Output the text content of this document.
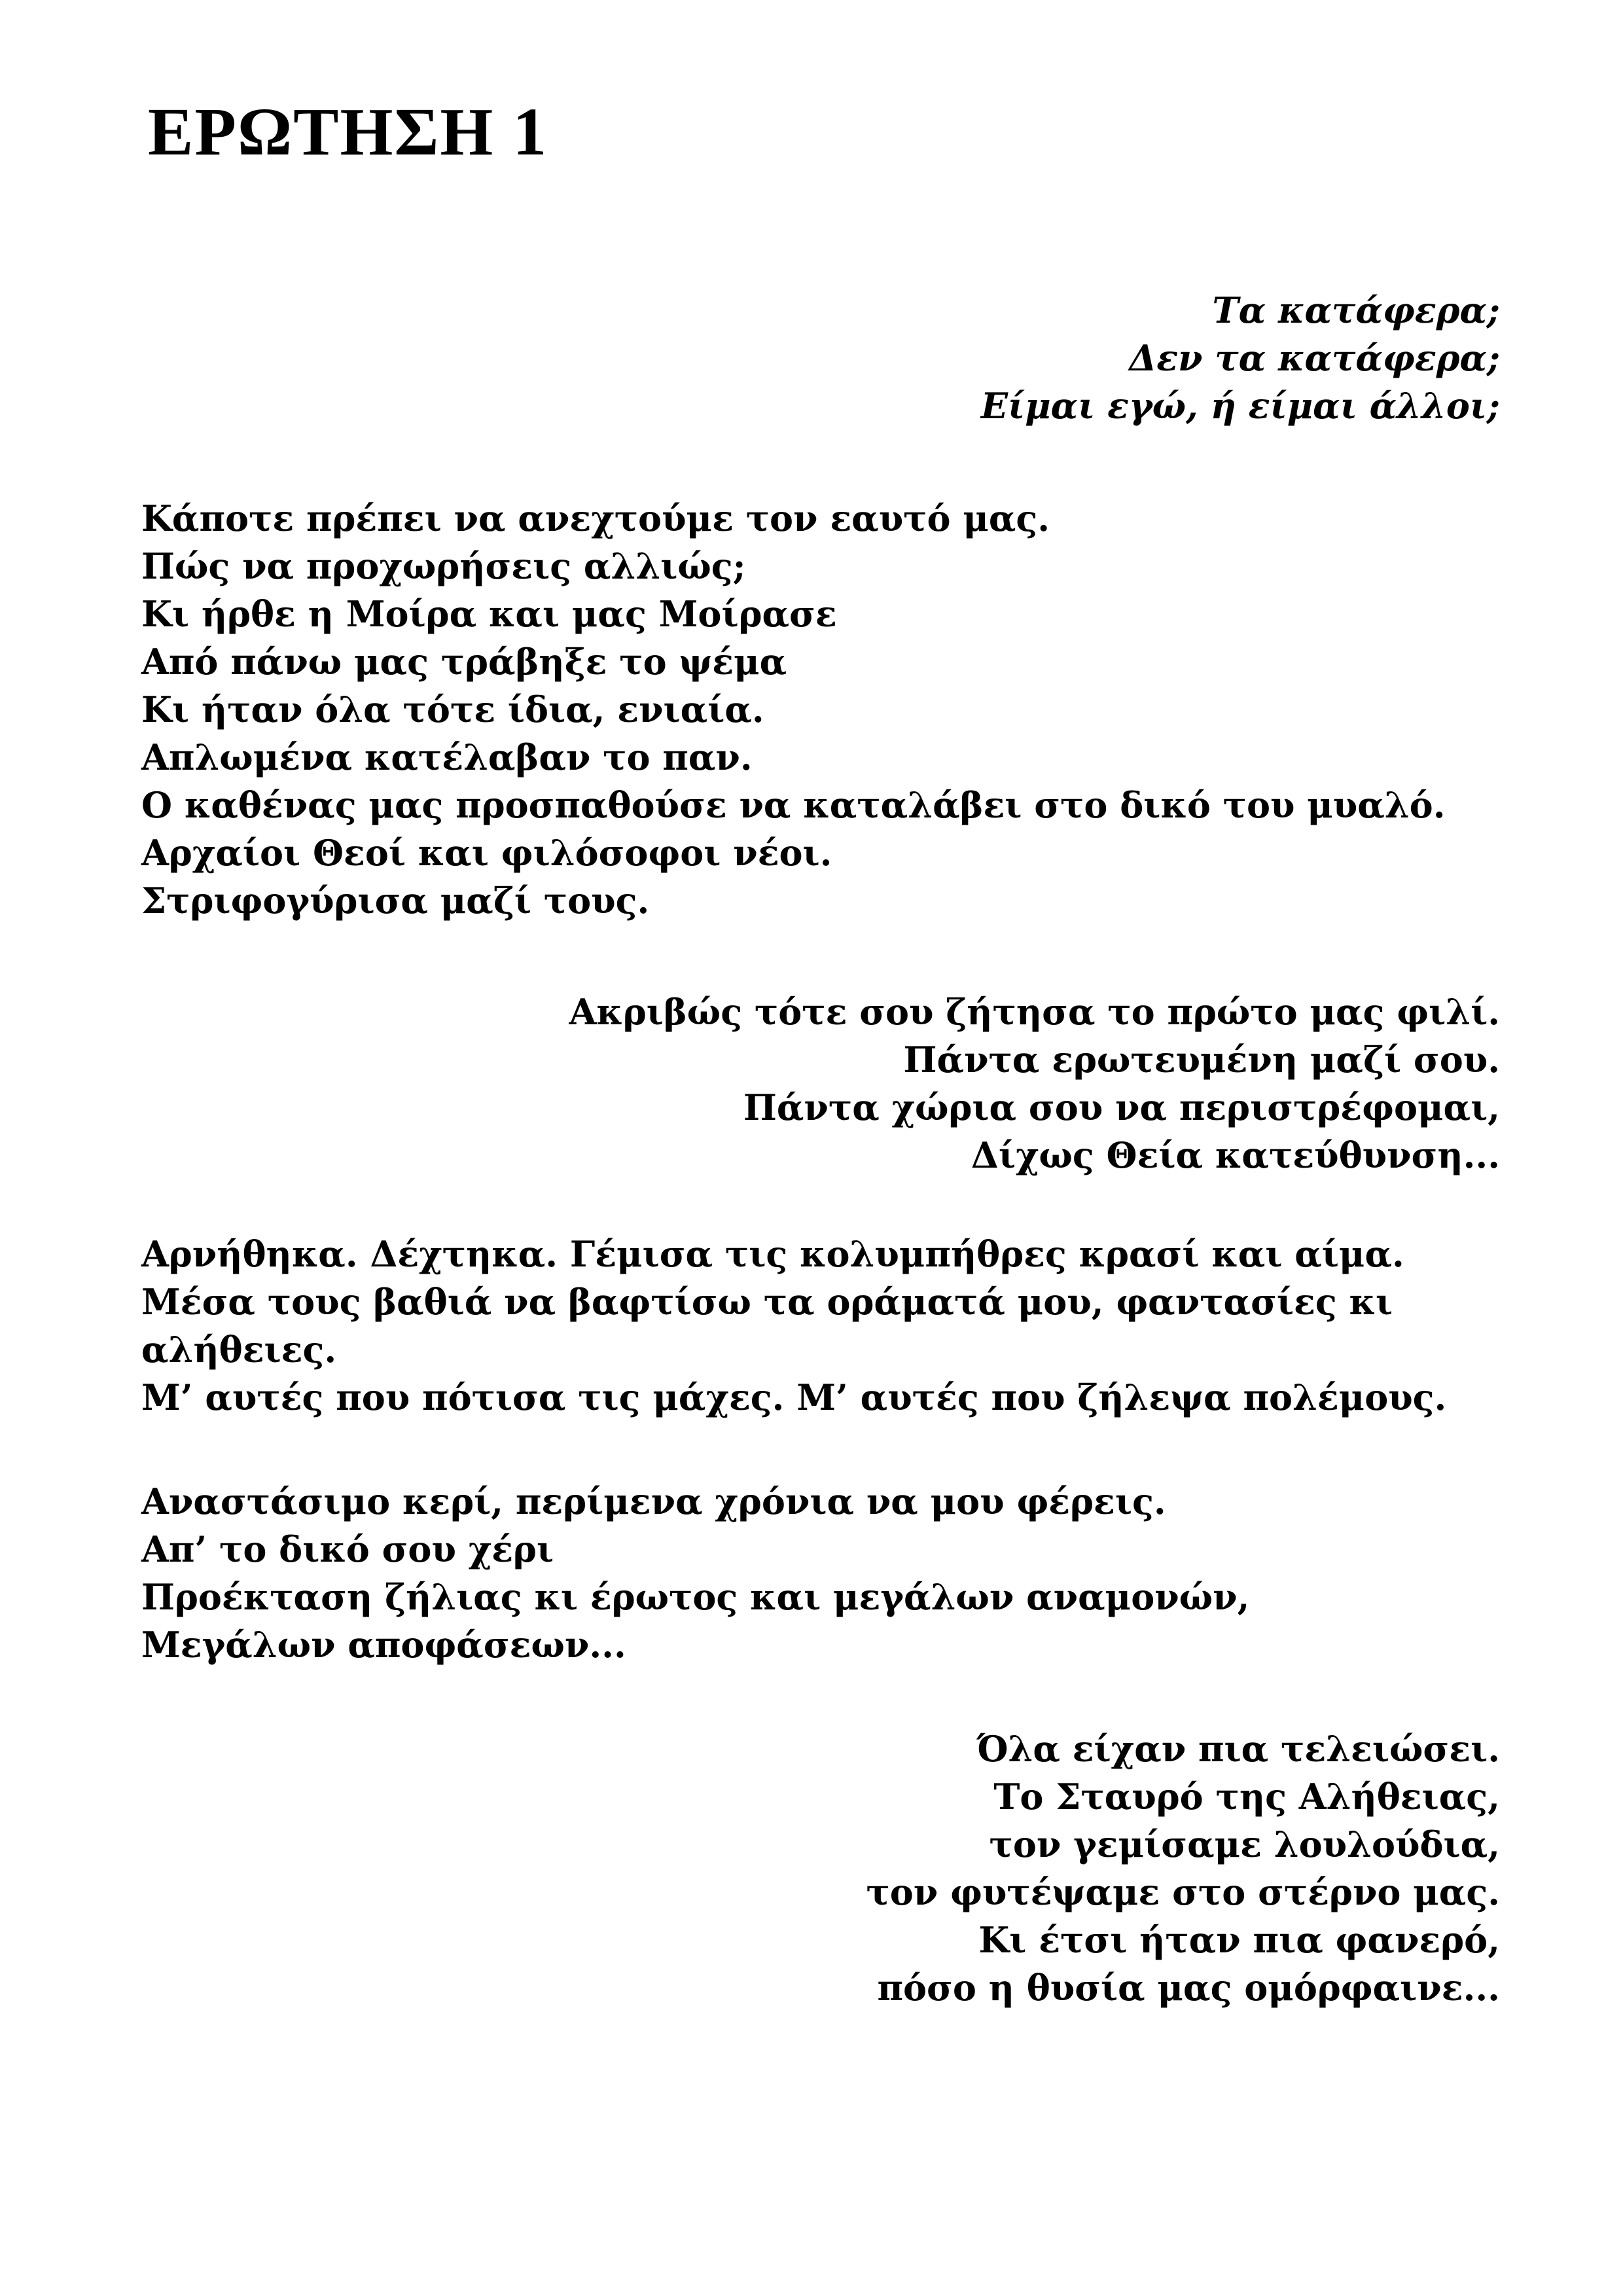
ΕΡΩΤΗΣΗ 1
Τα κατάφερα;
Δεν τα κατάφερα;
Είμαι εγώ, ή είμαι άλλοι;
Κάποτε πρέπει να ανεχτούμε τον εαυτό μας.
Πώς να προχωρήσεις αλλιώς;
Κι ήρθε η Μοίρα και μας Μοίρασε
Από πάνω μας τράβηξε το ψέμα
Κι ήταν όλα τότε ίδια, ενιαία.
Απλωμένα κατέλαβαν το παν.
Ο καθένας μας προσπαθούσε να καταλάβει στο δικό του μυαλό.
Αρχαίοι Θεοί και φιλόσοφοι νέοι.
Στριφογύρισα μαζί τους.
Ακριβώς τότε σου ζήτησα το πρώτο μας φιλί.
Πάντα ερωτευμένη μαζί σου.
Πάντα χώρια σου να περιστρέφομαι,
Δίχως Θεία κατεύθυνση...
Αρνήθηκα. Δέχτηκα. Γέμισα τις κολυμπήθρες κρασί και αίμα.
Μέσα τους βαθιά να βαφτίσω τα οράματά μου, φαντασίες κι
αλήθειες.
Μ’ αυτές που πότισα τις μάχες. Μ’ αυτές που ζήλεψα πολέμους.
Αναστάσιμο κερί, περίμενα χρόνια να μου φέρεις.
Απ’ το δικό σου χέρι
Προέκταση ζήλιας κι έρωτος και μεγάλων αναμονών,
Μεγάλων αποφάσεων...
Όλα είχαν πια τελειώσει.
Το Σταυρό της Αλήθειας,
τον γεμίσαμε λουλούδια,
τον φυτέψαμε στο στέρνο μας.
Κι έτσι ήταν πια φανερό,
πόσο η θυσία μας ομόρφαινε...
